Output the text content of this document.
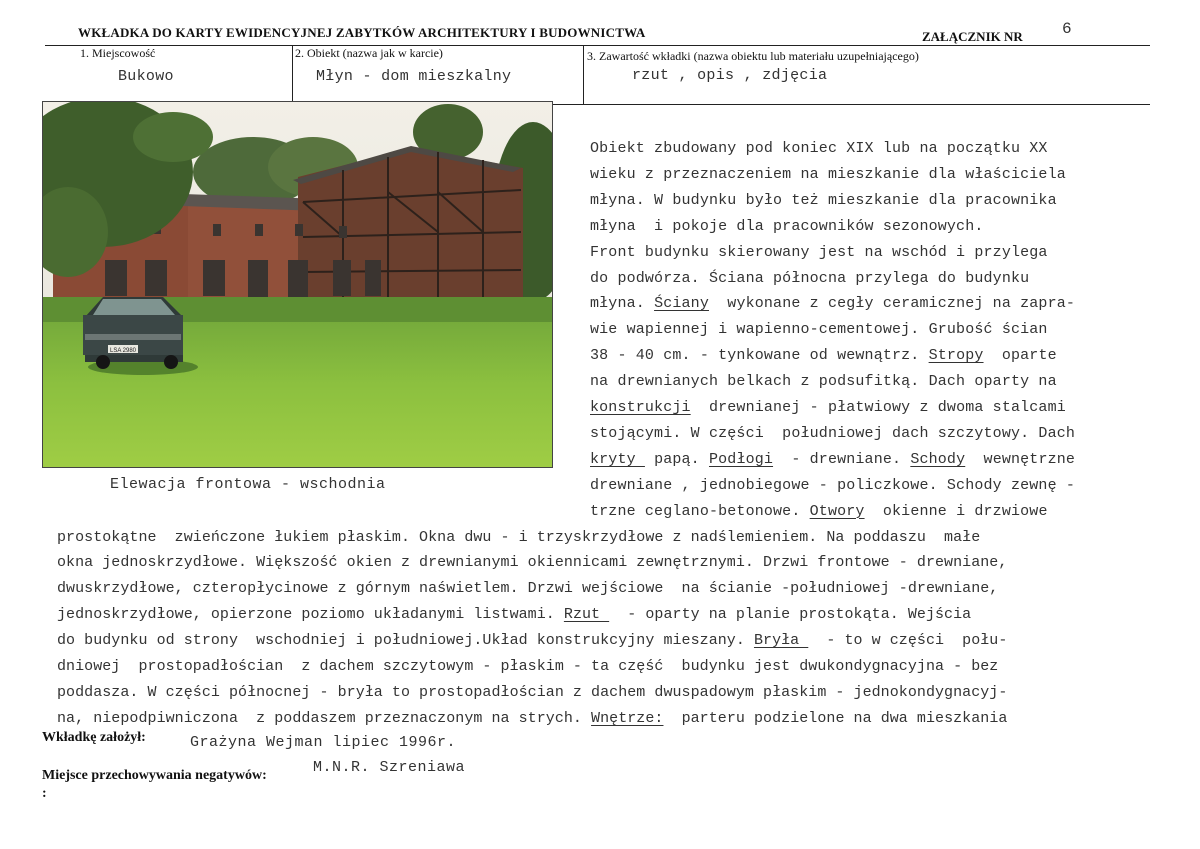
WKŁADKA DO KARTY EWIDENCYJNEJ ZABYTKÓW ARCHITEKTURY I BUDOWNICTWA	ZAŁĄCZNIK NR 6
1. Miejscowość
Bukowo
2. Obiekt (nazwa jak w karcie)
Młyn - dom mieszkalny
3. Zawartość wkładki (nazwa obiektu lub materiału uzupełniającego)
rzut , opis , zdjęcia
LSA 2980
Elewacja frontowa - wschodnia
Obiekt zbudowany pod koniec XIX lub na początku XX
wieku z przeznaczeniem na mieszkanie dla właściciela
młyna. W budynku było też mieszkanie dla pracownika
młyna  i pokoje dla pracowników sezonowych.
Front budynku skierowany jest na wschód i przylega
do podwórza. Ściana północna przylega do budynku
młyna. Ściany  wykonane z cegły ceramicznej na zapra-
wie wapiennej i wapienno-cementowej. Grubość ścian
38 - 40 cm. - tynkowane od wewnątrz. Stropy  oparte
na drewnianych belkach z podsufitką. Dach oparty na
konstrukcji  drewnianej - płatwiowy z dwoma stalcami
stojącymi. W części  południowej dach szczytowy. Dach
kryty  papą. Podłogi  - drewniane. Schody  wewnętrzne
drewniane , jednobiegowe - policzkowe. Schody zewnę -
trzne ceglano-betonowe. Otwory  okienne i drzwiowe
prostokątne  zwieńczone łukiem płaskim. Okna dwu - i trzyskrzydłowe z nadślemieniem. Na poddaszu  małe
okna jednoskrzydłowe. Większość okien z drewnianymi okiennicami zewnętrznymi. Drzwi frontowe - drewniane,
dwuskrzydłowe, czteropłycinowe z górnym naświetlem. Drzwi wejściowe  na ścianie -południowej -drewniane,
jednoskrzydłowe, opierzone poziomo układanymi listwami. Rzut   - oparty na planie prostokąta. Wejścia
do budynku od strony  wschodniej i południowej.Układ konstrukcyjny mieszany. Bryła   - to w części  połu-
dniowej  prostopadłościan  z dachem szczytowym - płaskim - ta część  budynku jest dwukondygnacyjna - bez
poddasza. W części północnej - bryła to prostopadłościan z dachem dwuspadowym płaskim - jednokondygnacyj-
na, niepodpiwniczona  z poddaszem przeznaczonym na strych. Wnętrze:  parteru podzielone na dwa mieszkania
Wkładkę założył:	Grażyna Wejman lipiec 1996r.
Miejsce przechowywania negatywów:	M.N.R. Szreniawa
:
